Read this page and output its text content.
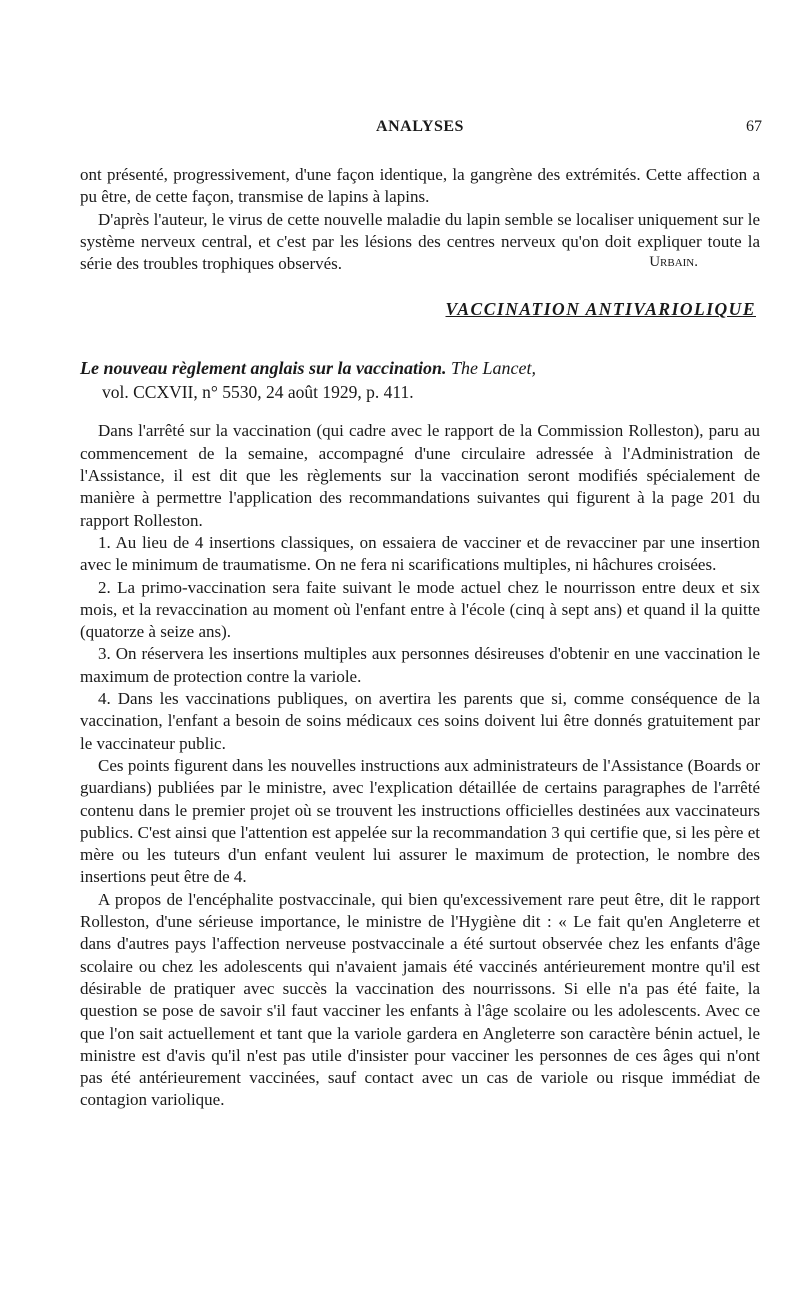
ANALYSES	67

ont présenté, progressivement, d'une façon identique, la gangrène des extrémités. Cette affection a pu être, de cette façon, transmise de lapins à lapins.

D'après l'auteur, le virus de cette nouvelle maladie du lapin semble se localiser uniquement sur le système nerveux central, et c'est par les lésions des centres nerveux qu'on doit expliquer toute la série des troubles trophiques observés.	Urbain.
VACCINATION ANTIVARIOLIQUE
Le nouveau règlement anglais sur la vaccination. The Lancet,
vol. CCXVII, n° 5530, 24 août 1929, p. 411.

Dans l'arrêté sur la vaccination (qui cadre avec le rapport de la Commission Rolleston), paru au commencement de la semaine, accompagné d'une circulaire adressée à l'Administration de l'Assistance, il est dit que les règlements sur la vaccination seront modifiés spécialement de manière à permettre l'application des recommandations suivantes qui figurent à la page 201 du rapport Rolleston.

1. Au lieu de 4 insertions classiques, on essaiera de vacciner et de revacciner par une insertion avec le minimum de traumatisme. On ne fera ni scarifications multiples, ni hâchures croisées.

2. La primo-vaccination sera faite suivant le mode actuel chez le nourrisson entre deux et six mois, et la revaccination au moment où l'enfant entre à l'école (cinq à sept ans) et quand il la quitte (quatorze à seize ans).

3. On réservera les insertions multiples aux personnes désireuses d'obtenir en une vaccination le maximum de protection contre la variole.

4. Dans les vaccinations publiques, on avertira les parents que si, comme conséquence de la vaccination, l'enfant a besoin de soins médicaux ces soins doivent lui être donnés gratuitement par le vaccinateur public.

Ces points figurent dans les nouvelles instructions aux administrateurs de l'Assistance (Boards or guardians) publiées par le ministre, avec l'explication détaillée de certains paragraphes de l'arrêté contenu dans le premier projet où se trouvent les instructions officielles destinées aux vaccinateurs publics. C'est ainsi que l'attention est appelée sur la recommandation 3 qui certifie que, si les père et mère ou les tuteurs d'un enfant veulent lui assurer le maximum de protection, le nombre des insertions peut être de 4.

A propos de l'encéphalite postvaccinale, qui bien qu'excessivement rare peut être, dit le rapport Rolleston, d'une sérieuse importance, le ministre de l'Hygiène dit : « Le fait qu'en Angleterre et dans d'autres pays l'affection nerveuse postvaccinale a été surtout observée chez les enfants d'âge scolaire ou chez les adolescents qui n'avaient jamais été vaccinés antérieurement montre qu'il est désirable de pratiquer avec succès la vaccination des nourrissons. Si elle n'a pas été faite, la question se pose de savoir s'il faut vacciner les enfants à l'âge scolaire ou les adolescents. Avec ce que l'on sait actuellement et tant que la variole gardera en Angleterre son caractère bénin actuel, le ministre est d'avis qu'il n'est pas utile d'insister pour vacciner les personnes de ces âges qui n'ont pas été antérieurement vaccinées, sauf contact avec un cas de variole ou risque immédiat de contagion variolique.
